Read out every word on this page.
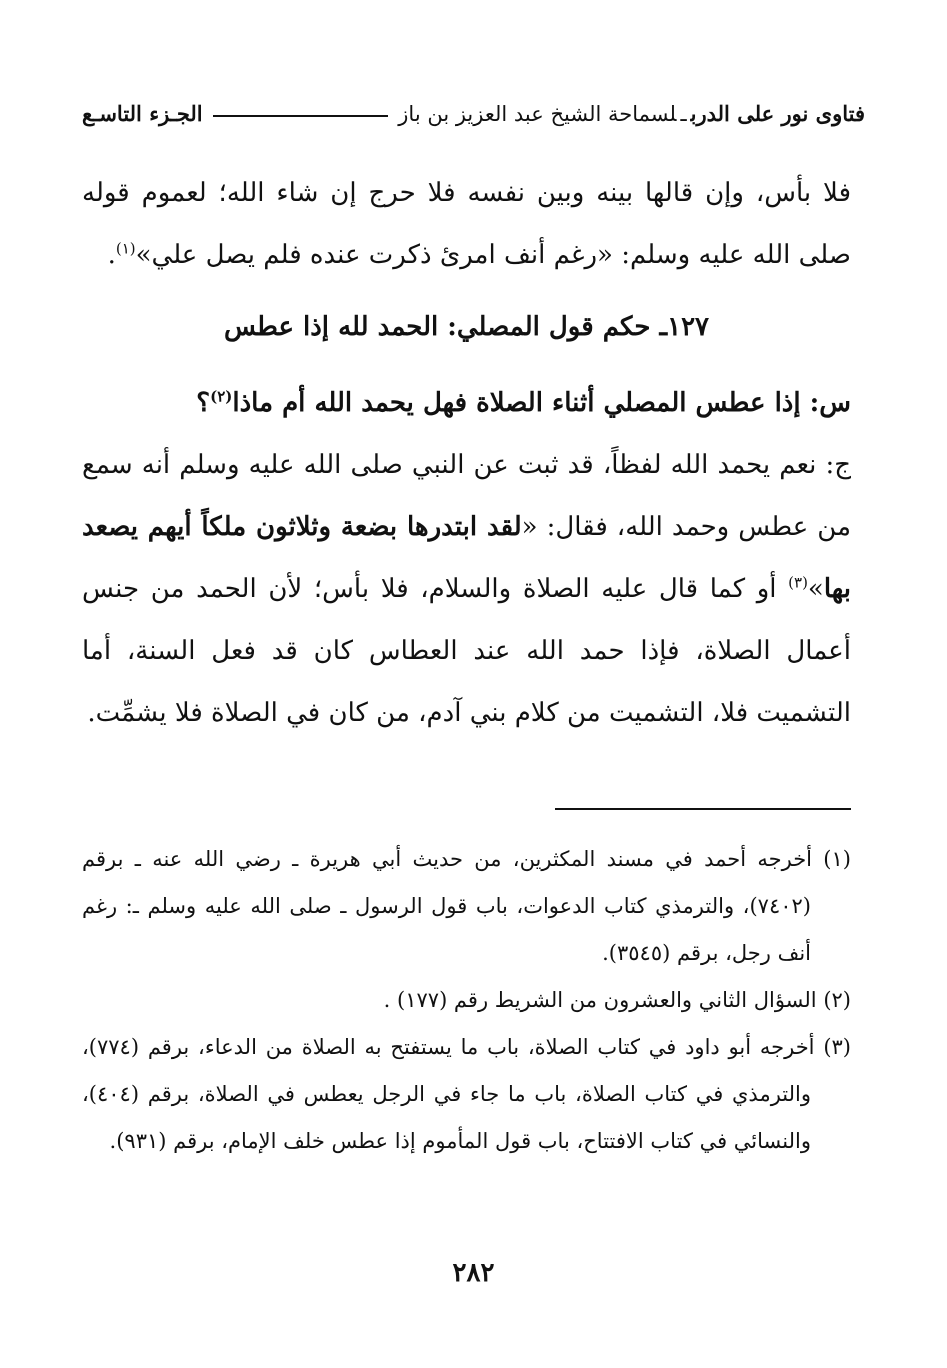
فتاوى نور على الدربـلسماحة الشيخ عبد العزيز بن باز
الجـزء التاسـع

فلا بأس، وإن قالها بينه وبين نفسه فلا حرج إن شاء الله؛ لعموم قوله صلى الله عليه وسلم: «رغم أنف امرئ ذكرت عنده فلم يصل علي»$^{(١)}$.

١٢٧ـ حكم قول المصلي: الحمد لله إذا عطس

س: إذا عطس المصلي أثناء الصلاة فهل يحمد الله أم ماذا$^{(٢)}$؟

ج: نعم يحمد الله لفظاً، قد ثبت عن النبي صلى الله عليه وسلم أنه سمع من عطس وحمد الله، فقال: «لقد ابتدرها بضعة وثلاثون ملكاً أيهم يصعد بها»$^{(٣)}$ أو كما قال عليه الصلاة والسلام، فلا بأس؛ لأن الحمد من جنس أعمال الصلاة، فإذا حمد الله عند العطاس كان قد فعل السنة، أما التشميت فلا، التشميت من كلام بني آدم، من كان في الصلاة فلا يشمِّت.

(١) أخرجه أحمد في مسند المكثرين، من حديث أبي هريرة ـ رضي الله عنه ـ برقم (٧٤٠٢)، والترمذي كتاب الدعوات، باب قول الرسول ـ صلى الله عليه وسلم ـ: رغم أنف رجل، برقم (٣٥٤٥).

(٢) السؤال الثاني والعشرون من الشريط رقم (١٧٧) .

(٣) أخرجه أبو داود في كتاب الصلاة، باب ما يستفتح به الصلاة من الدعاء، برقم (٧٧٤)، والترمذي في كتاب الصلاة، باب ما جاء في الرجل يعطس في الصلاة، برقم (٤٠٤)، والنسائي في كتاب الافتتاح، باب قول المأموم إذا عطس خلف الإمام، برقم (٩٣١).

٢٨٢
